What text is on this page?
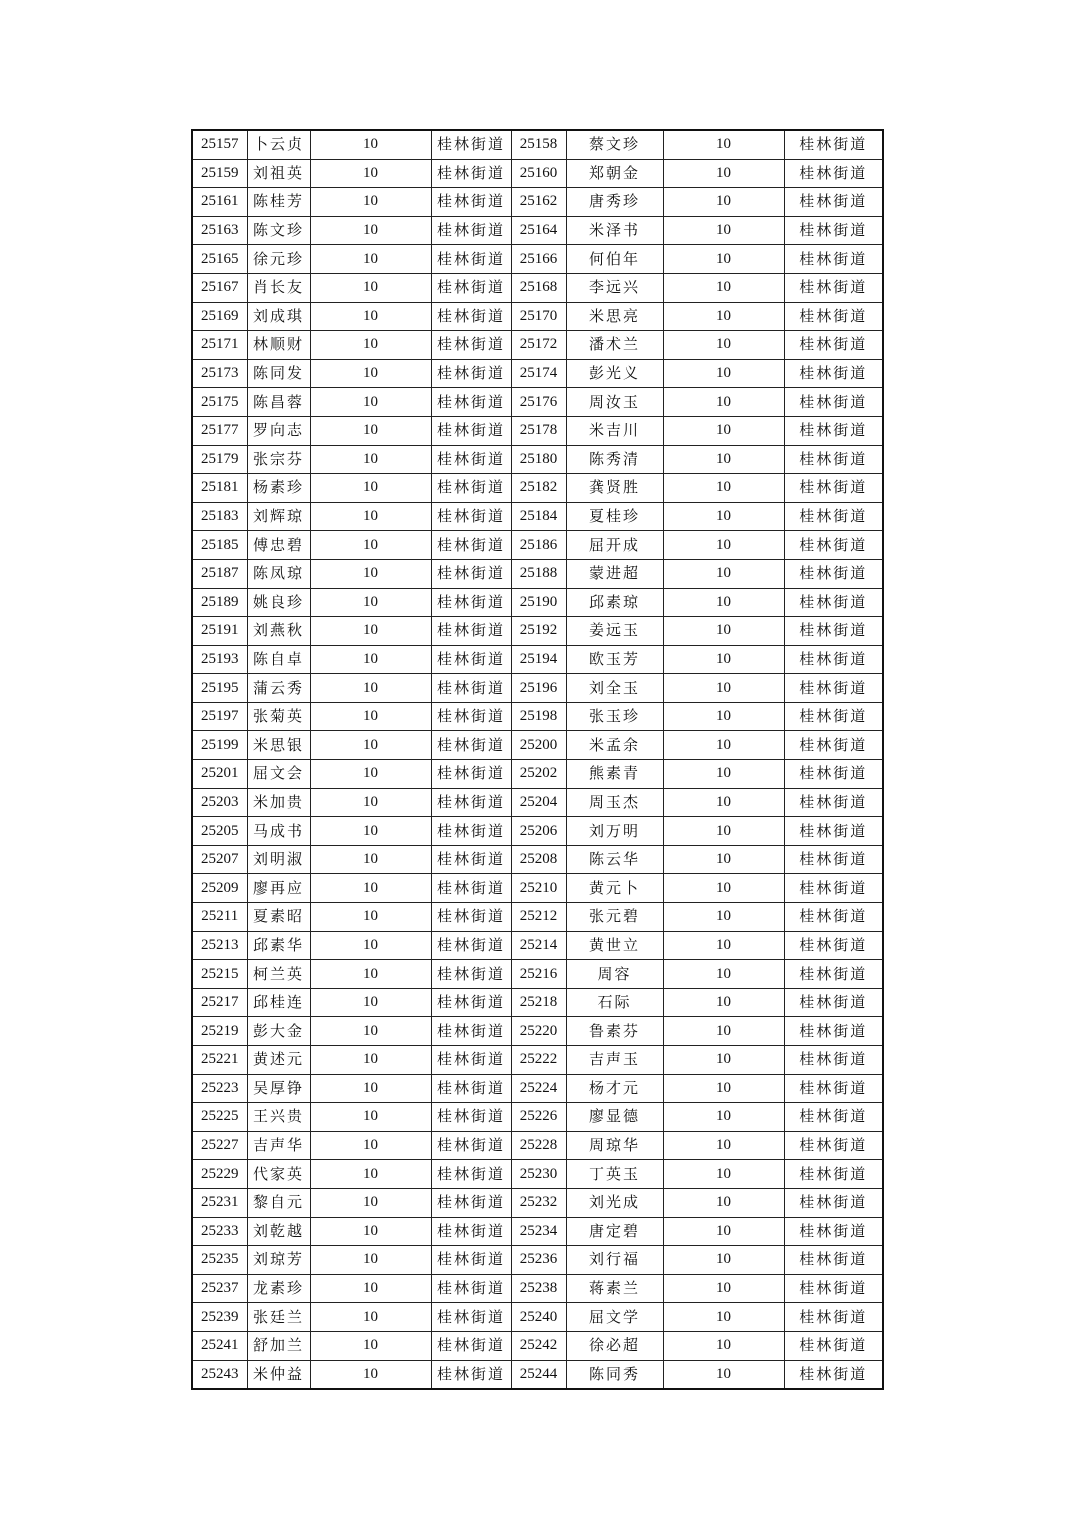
25157	卜云贞	10	桂林街道	25158	蔡文珍	10	桂林街道
25159	刘祖英	10	桂林街道	25160	郑朝金	10	桂林街道
25161	陈桂芳	10	桂林街道	25162	唐秀珍	10	桂林街道
25163	陈文珍	10	桂林街道	25164	米泽书	10	桂林街道
25165	徐元珍	10	桂林街道	25166	何伯年	10	桂林街道
25167	肖长友	10	桂林街道	25168	李远兴	10	桂林街道
25169	刘成琪	10	桂林街道	25170	米思亮	10	桂林街道
25171	林顺财	10	桂林街道	25172	潘术兰	10	桂林街道
25173	陈同发	10	桂林街道	25174	彭光义	10	桂林街道
25175	陈昌蓉	10	桂林街道	25176	周汝玉	10	桂林街道
25177	罗向志	10	桂林街道	25178	米吉川	10	桂林街道
25179	张宗芬	10	桂林街道	25180	陈秀清	10	桂林街道
25181	杨素珍	10	桂林街道	25182	龚贤胜	10	桂林街道
25183	刘辉琼	10	桂林街道	25184	夏桂珍	10	桂林街道
25185	傅忠碧	10	桂林街道	25186	屈开成	10	桂林街道
25187	陈凤琼	10	桂林街道	25188	蒙进超	10	桂林街道
25189	姚良珍	10	桂林街道	25190	邱素琼	10	桂林街道
25191	刘燕秋	10	桂林街道	25192	姜远玉	10	桂林街道
25193	陈自卓	10	桂林街道	25194	欧玉芳	10	桂林街道
25195	蒲云秀	10	桂林街道	25196	刘全玉	10	桂林街道
25197	张菊英	10	桂林街道	25198	张玉珍	10	桂林街道
25199	米思银	10	桂林街道	25200	米孟余	10	桂林街道
25201	屈文会	10	桂林街道	25202	熊素青	10	桂林街道
25203	米加贵	10	桂林街道	25204	周玉杰	10	桂林街道
25205	马成书	10	桂林街道	25206	刘万明	10	桂林街道
25207	刘明淑	10	桂林街道	25208	陈云华	10	桂林街道
25209	廖再应	10	桂林街道	25210	黄元卜	10	桂林街道
25211	夏素昭	10	桂林街道	25212	张元碧	10	桂林街道
25213	邱素华	10	桂林街道	25214	黄世立	10	桂林街道
25215	柯兰英	10	桂林街道	25216	周容	10	桂林街道
25217	邱桂连	10	桂林街道	25218	石际	10	桂林街道
25219	彭大金	10	桂林街道	25220	鲁素芬	10	桂林街道
25221	黄述元	10	桂林街道	25222	吉声玉	10	桂林街道
25223	吴厚铮	10	桂林街道	25224	杨才元	10	桂林街道
25225	王兴贵	10	桂林街道	25226	廖显德	10	桂林街道
25227	吉声华	10	桂林街道	25228	周琼华	10	桂林街道
25229	代家英	10	桂林街道	25230	丁英玉	10	桂林街道
25231	黎自元	10	桂林街道	25232	刘光成	10	桂林街道
25233	刘乾越	10	桂林街道	25234	唐定碧	10	桂林街道
25235	刘琼芳	10	桂林街道	25236	刘行福	10	桂林街道
25237	龙素珍	10	桂林街道	25238	蒋素兰	10	桂林街道
25239	张廷兰	10	桂林街道	25240	屈文学	10	桂林街道
25241	舒加兰	10	桂林街道	25242	徐必超	10	桂林街道
25243	米仲益	10	桂林街道	25244	陈同秀	10	桂林街道
